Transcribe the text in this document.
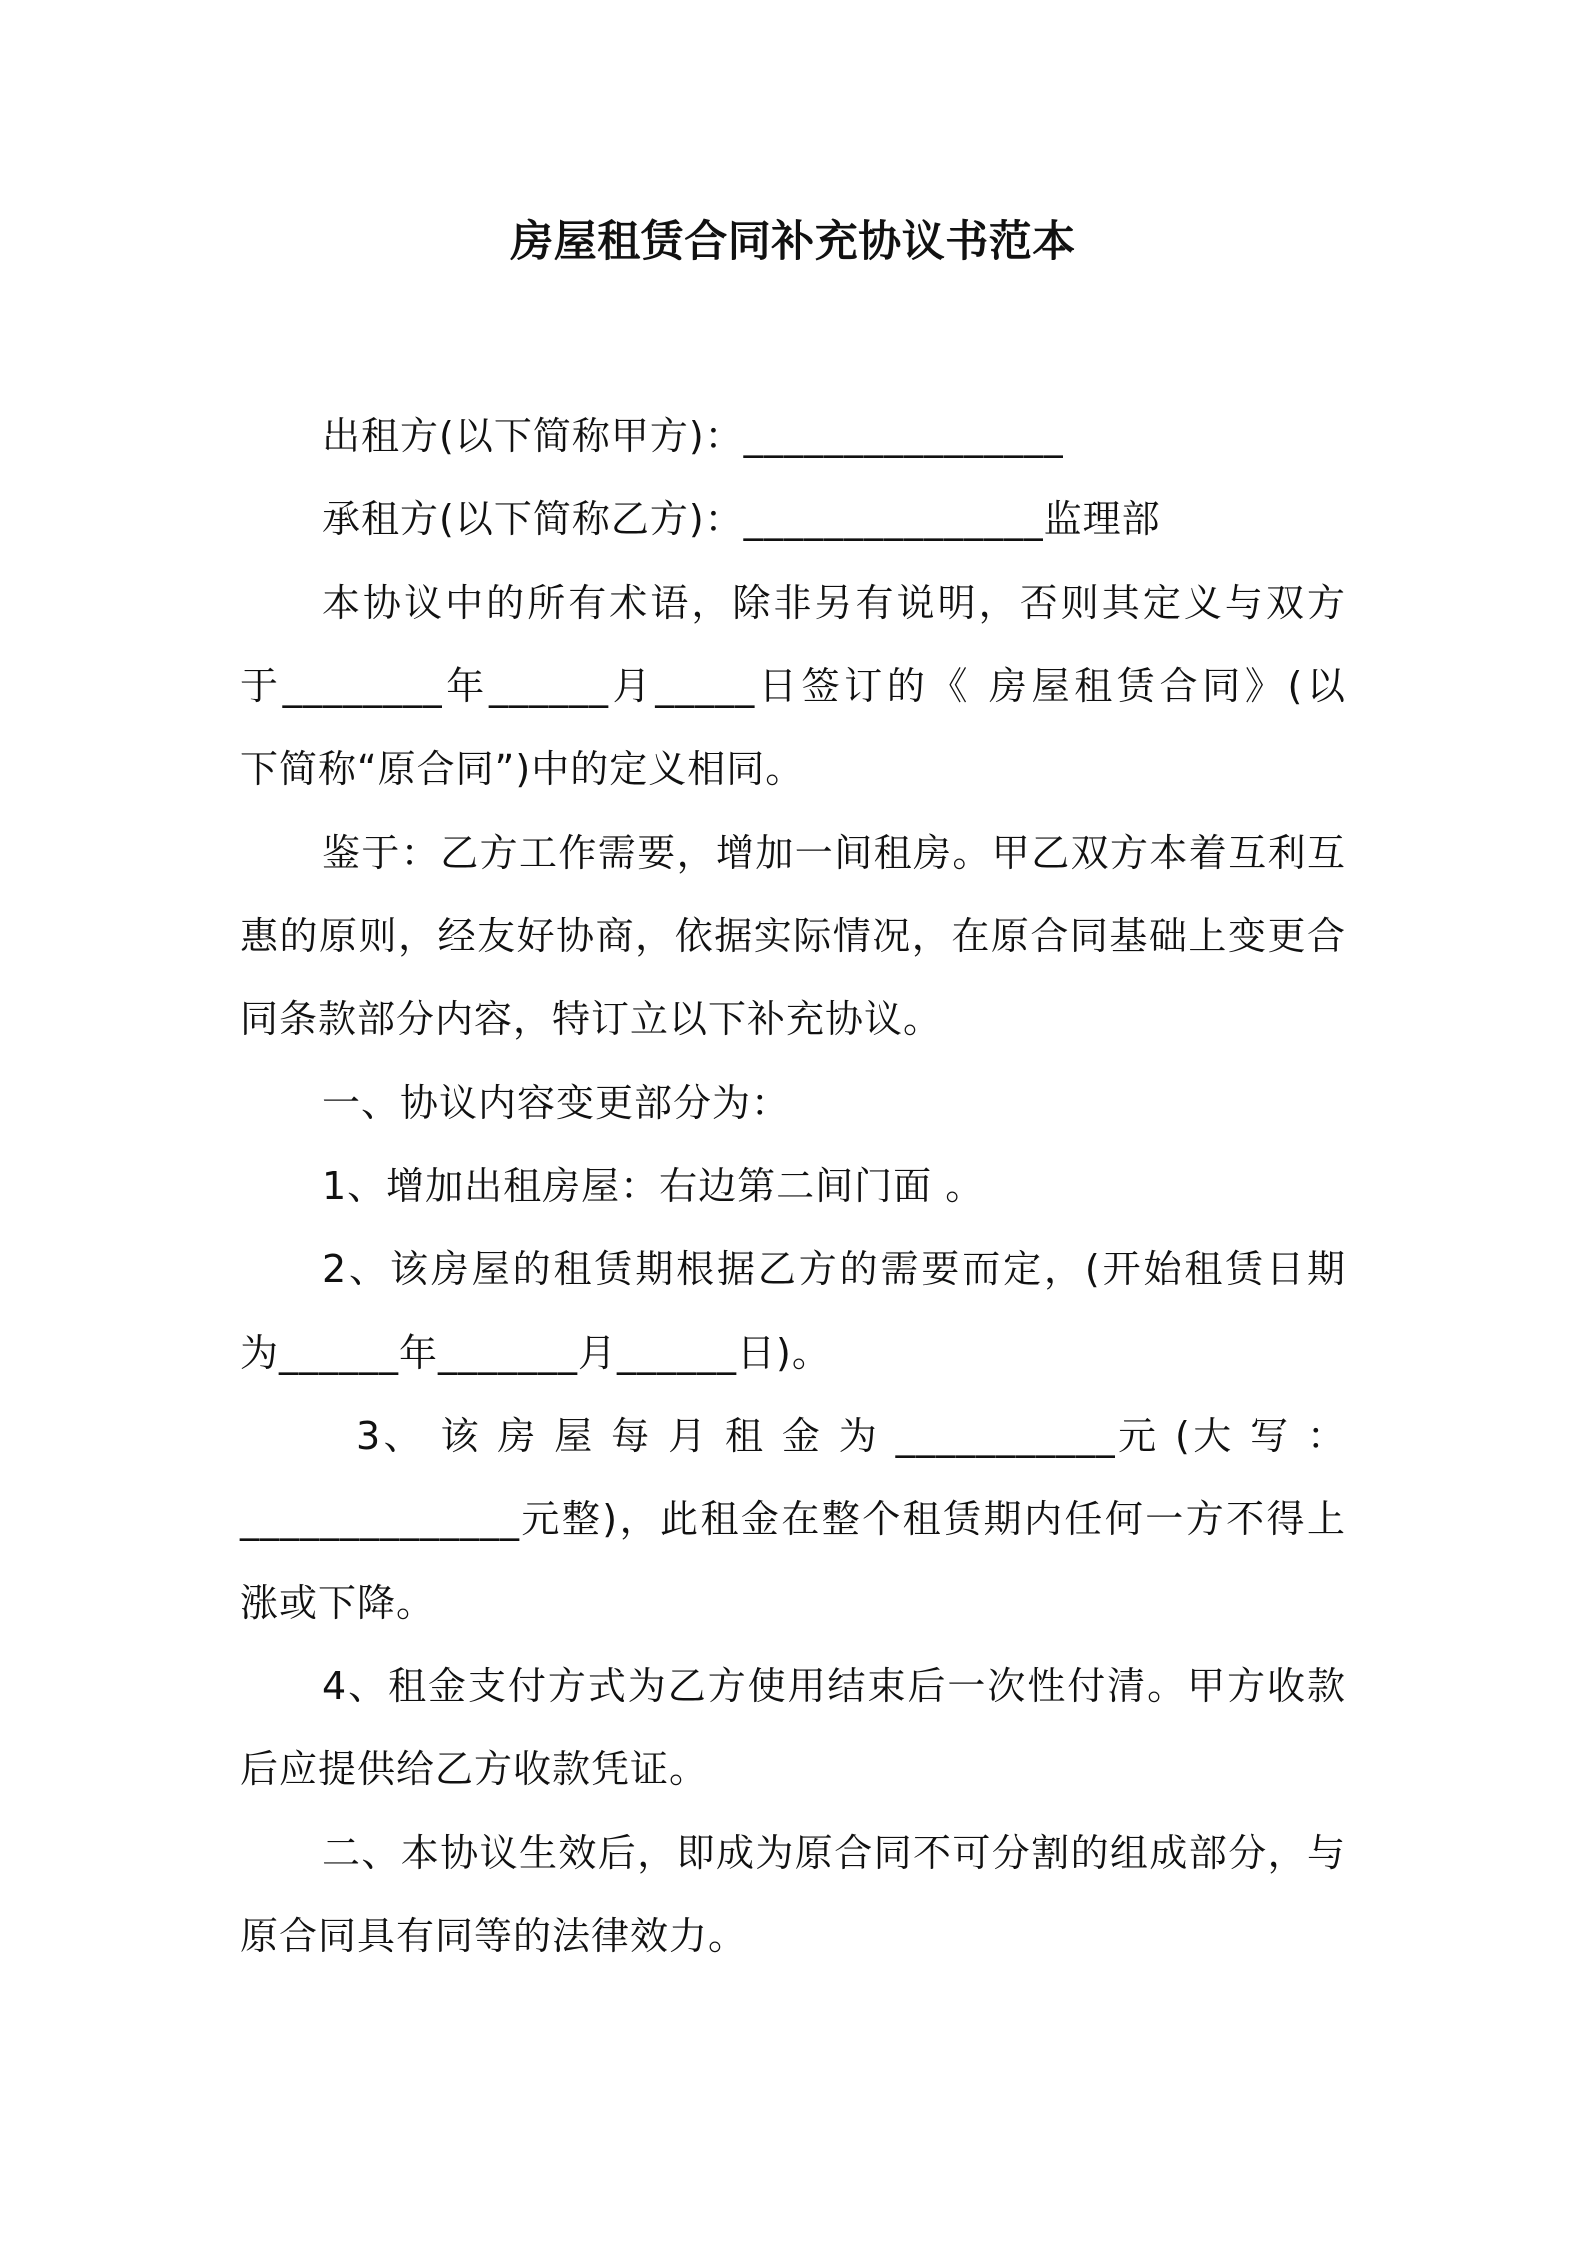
房屋租赁合同补充协议书范本
出租方(以下简称甲方)：________________
承租方(以下简称乙方)：_______________监理部
本协议中的所有术语，除非另有说明，否则其定义与双方
于________年______月_____日签订的《 房屋租赁合同》(以
下简称“原合同”)中的定义相同。
鉴于：乙方工作需要，增加一间租房。甲乙双方本着互利互
惠的原则，经友好协商，依据实际情况，在原合同基础上变更合
同条款部分内容，特订立以下补充协议。
一、协议内容变更部分为：
1、增加出租房屋：右边第二间门面 。
2、该房屋的租赁期根据乙方的需要而定，(开始租赁日期
为______年_______月______日)。
3、 该 房 屋 每 月 租 金 为 ___________元 (大 写 ：
______________元整)，此租金在整个租赁期内任何一方不得上
涨或下降。
4、租金支付方式为乙方使用结束后一次性付清。甲方收款
后应提供给乙方收款凭证。
二、本协议生效后，即成为原合同不可分割的组成部分，与
原合同具有同等的法律效力。
